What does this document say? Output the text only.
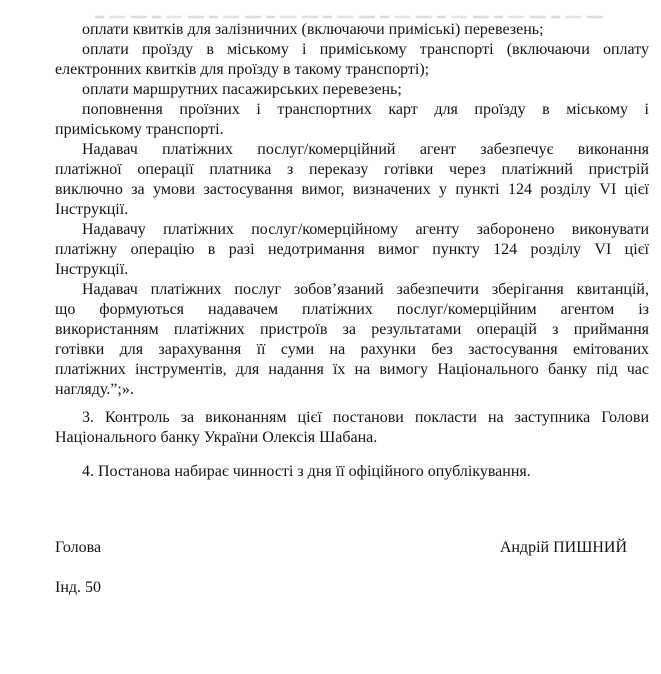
оплати квитків для залізничних (включаючи приміські) перевезень;
оплати проїзду в міському і приміському транспорті (включаючи оплату
електронних квитків для проїзду в такому транспорті);
оплати маршрутних пасажирських перевезень;
поповнення проїзних і транспортних карт для проїзду в міському і
приміському транспорті.
Надавач платіжних послуг/комерційний агент забезпечує виконання
платіжної операції платника з переказу готівки через платіжний пристрій
виключно за умови застосування вимог, визначених у пункті 124 розділу VI цієї
Інструкції.
Надавачу платіжних послуг/комерційному агенту заборонено виконувати
платіжну операцію в разі недотримання вимог пункту 124 розділу VI цієї
Інструкції.
Надавач платіжних послуг зобов’язаний забезпечити зберігання квитанцій,
що формуються надавачем платіжних послуг/комерційним агентом із
використанням платіжних пристроїв за результатами операцій з приймання
готівки для зарахування її суми на рахунки без застосування емітованих
платіжних інструментів, для надання їх на вимогу Національного банку під час
нагляду.”;».
3. Контроль за виконанням цієї постанови покласти на заступника Голови
Національного банку України Олексія Шабана.
4. Постанова набирає чинності з дня її офіційного опублікування.
Голова	Андрій ПИШНИЙ
Інд. 50
